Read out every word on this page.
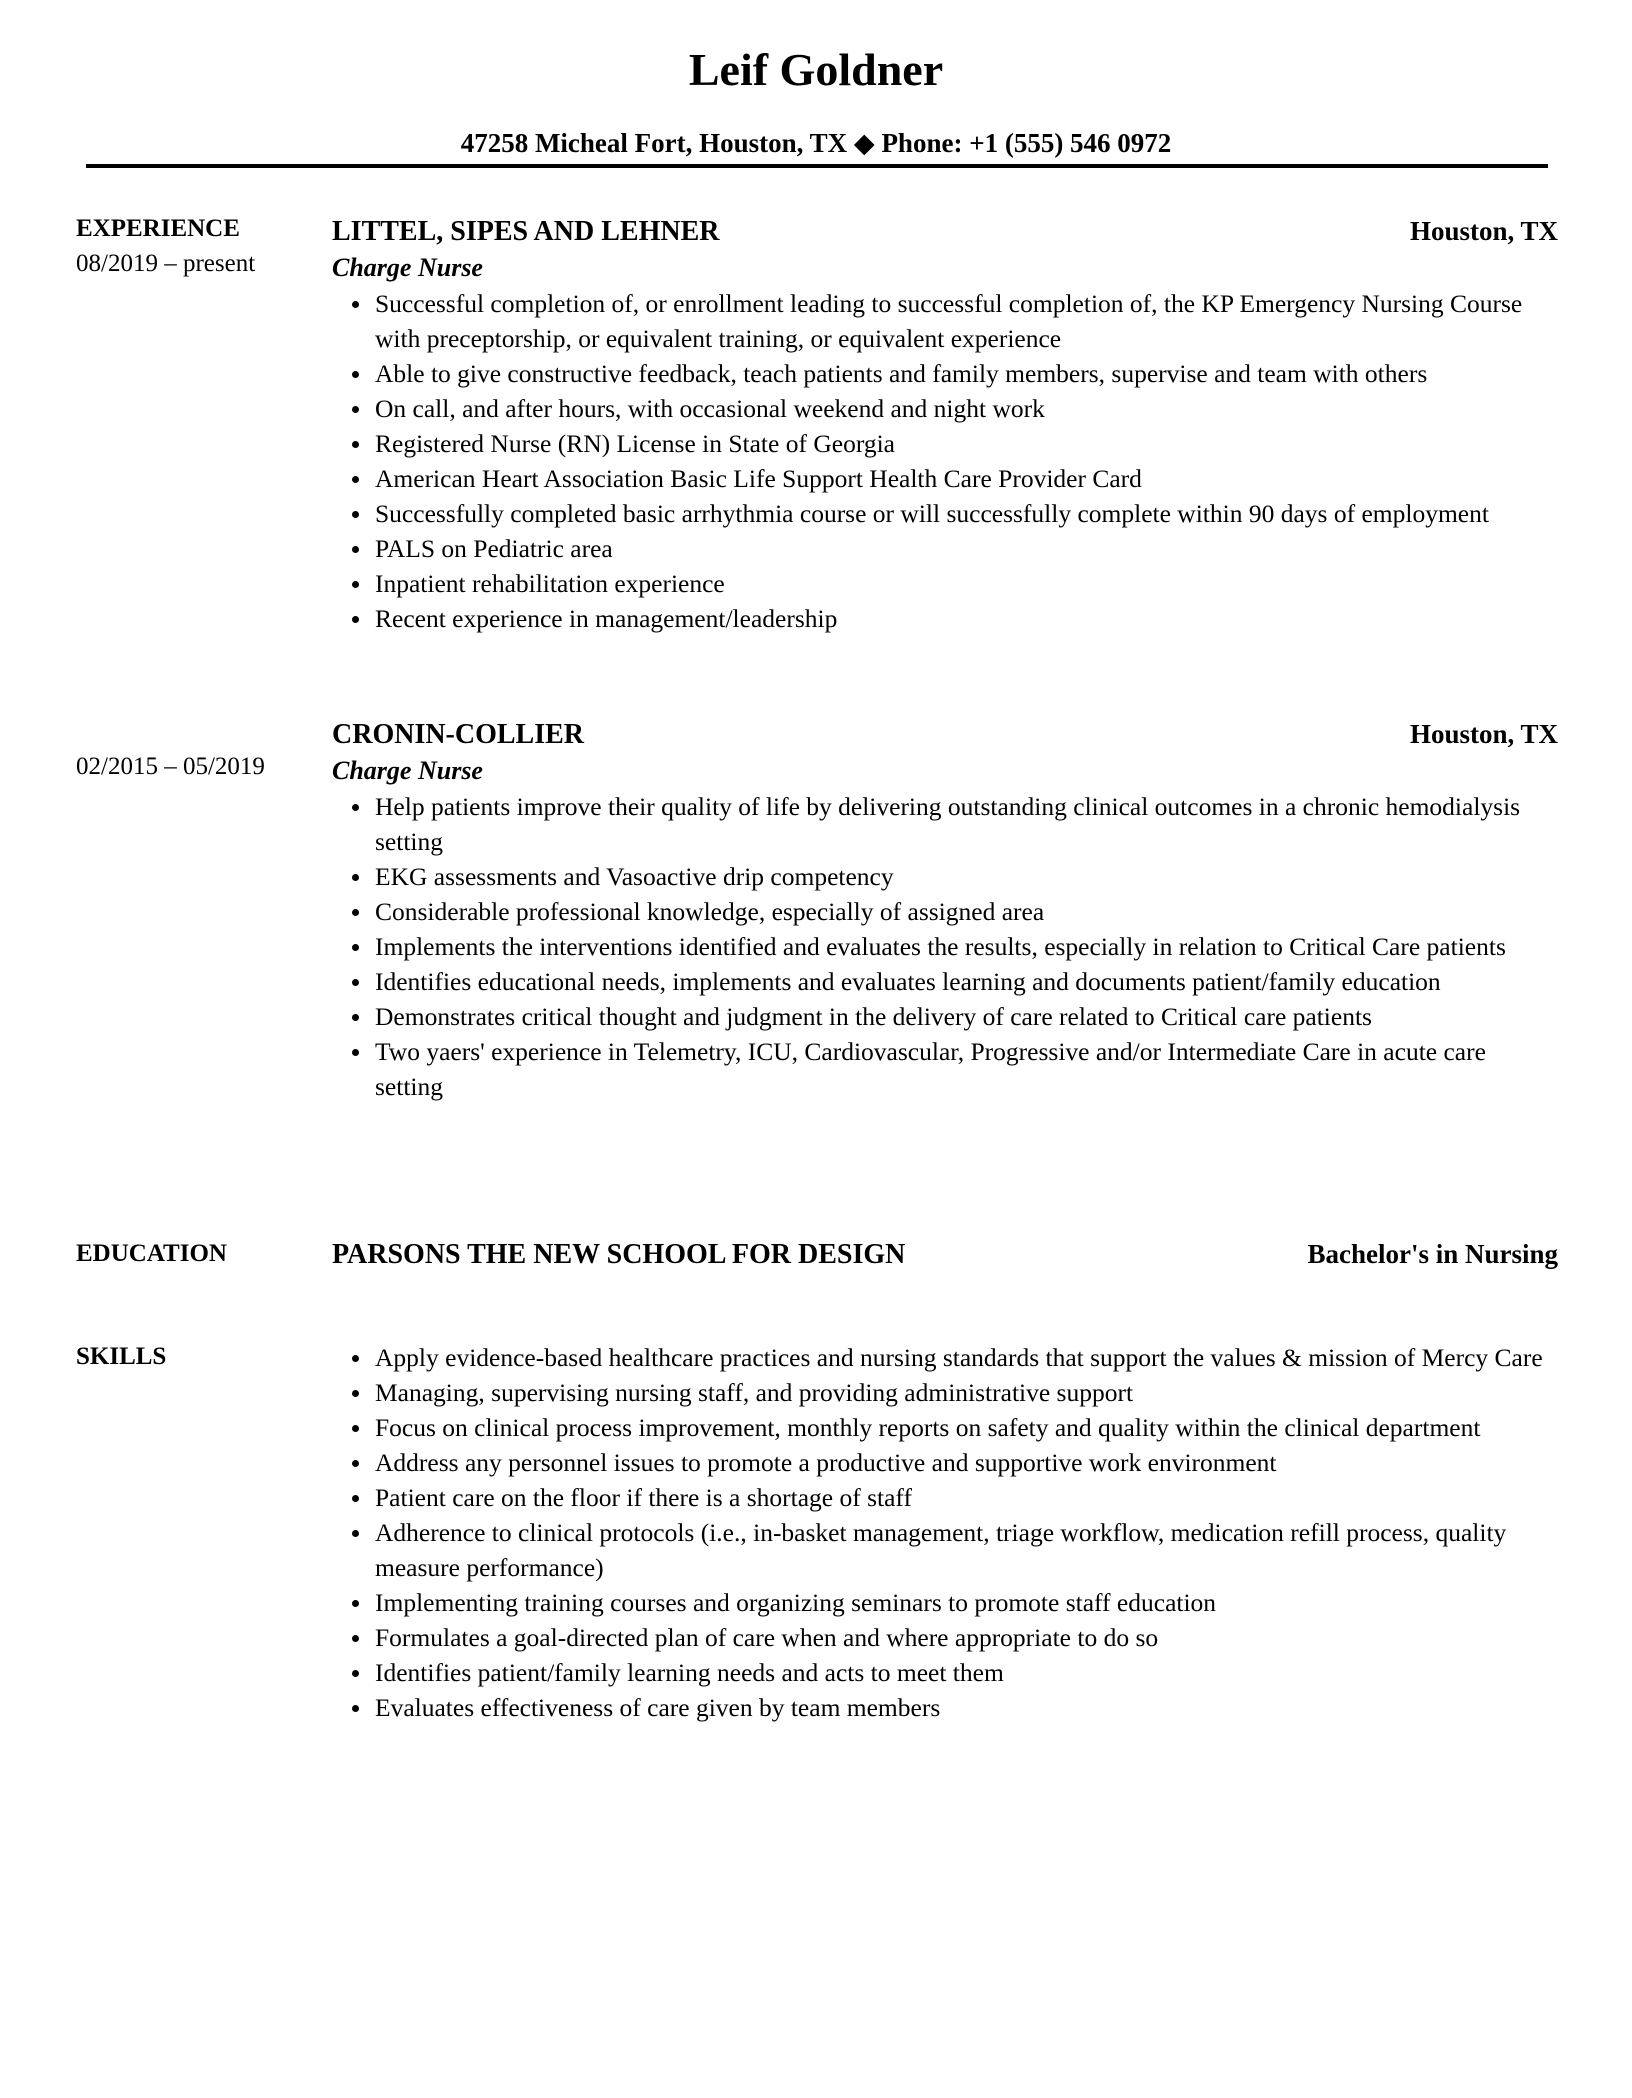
Leif Goldner
47258 Micheal Fort, Houston, TX ◆ Phone: +1 (555) 546 0972
EXPERIENCE
08/2019 – present
LITTEL, SIPES AND LEHNER	Houston, TX
Charge Nurse
Successful completion of, or enrollment leading to successful completion of, the KP Emergency Nursing Course with preceptorship, or equivalent training, or equivalent experience
Able to give constructive feedback, teach patients and family members, supervise and team with others
On call, and after hours, with occasional weekend and night work
Registered Nurse (RN) License in State of Georgia
American Heart Association Basic Life Support Health Care Provider Card
Successfully completed basic arrhythmia course or will successfully complete within 90 days of employment
PALS on Pediatric area
Inpatient rehabilitation experience
Recent experience in management/leadership
02/2015 – 05/2019
CRONIN-COLLIER	Houston, TX
Charge Nurse
Help patients improve their quality of life by delivering outstanding clinical outcomes in a chronic hemodialysis setting
EKG assessments and Vasoactive drip competency
Considerable professional knowledge, especially of assigned area
Implements the interventions identified and evaluates the results, especially in relation to Critical Care patients
Identifies educational needs, implements and evaluates learning and documents patient/family education
Demonstrates critical thought and judgment in the delivery of care related to Critical care patients
Two yaers' experience in Telemetry, ICU, Cardiovascular, Progressive and/or Intermediate Care in acute care setting
EDUCATION	PARSONS THE NEW SCHOOL FOR DESIGN	Bachelor's in Nursing
SKILLS	Apply evidence-based healthcare practices and nursing standards that support the values & mission of Mercy Care
Managing, supervising nursing staff, and providing administrative support
Focus on clinical process improvement, monthly reports on safety and quality within the clinical department
Address any personnel issues to promote a productive and supportive work environment
Patient care on the floor if there is a shortage of staff
Adherence to clinical protocols (i.e., in-basket management, triage workflow, medication refill process, quality measure performance)
Implementing training courses and organizing seminars to promote staff education
Formulates a goal-directed plan of care when and where appropriate to do so
Identifies patient/family learning needs and acts to meet them
Evaluates effectiveness of care given by team members
